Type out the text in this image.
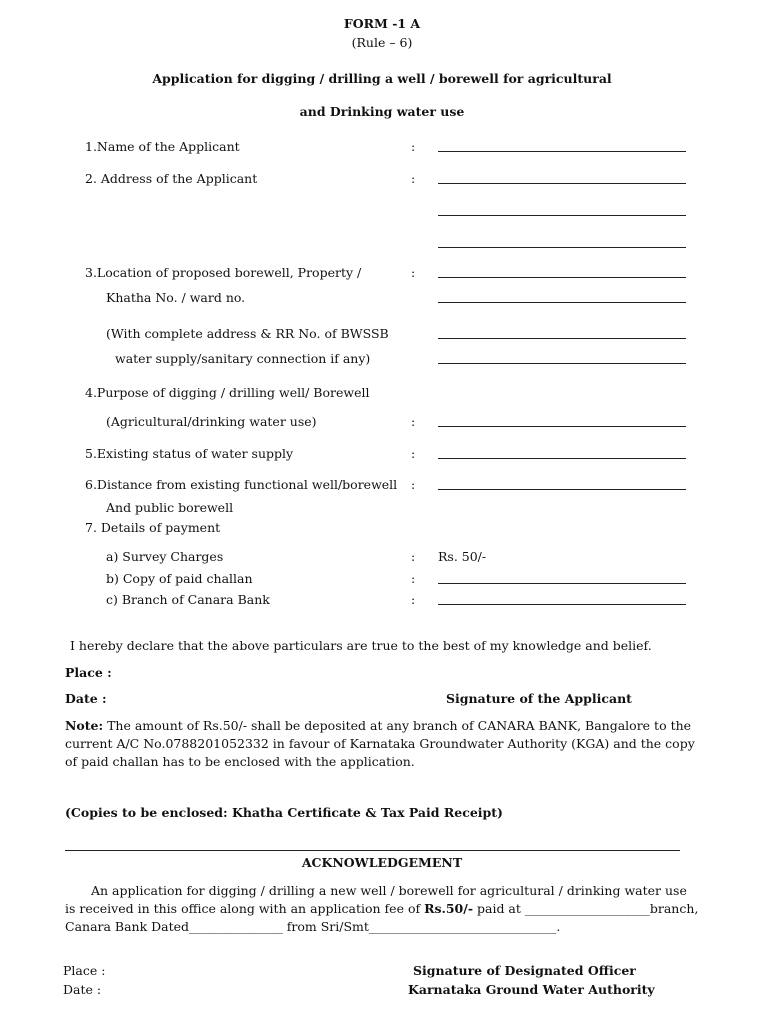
FORM -1 A
(Rule – 6)
Application for digging / drilling a well / borewell for agricultural
and Drinking water use
1.Name of the Applicant	:
2. Address of the Applicant	:
3.Location of proposed borewell, Property /	:
Khatha No. / ward no.
(With complete address & RR No. of BWSSB
water supply/sanitary connection if any)
4.Purpose of digging / drilling well/ Borewell
(Agricultural/drinking water use)	:
5.Existing status of water supply	:
6.Distance from existing functional well/borewell :
And public borewell
7. Details of payment
a) Survey Charges	: Rs. 50/-
b) Copy of paid challan	:
c) Branch of Canara Bank	:
I hereby declare that the above particulars are true to the best of my knowledge and belief.
Place :
Date :	Signature of the Applicant
Note: The amount of Rs.50/- shall be deposited at any branch of CANARA BANK, Bangalore to the current A/C No.0788201052332 in favour of Karnataka Groundwater Authority (KGA) and the copy of paid challan has to be enclosed with the application.
(Copies to be enclosed: Khatha Certificate & Tax Paid Receipt)
ACKNOWLEDGEMENT
An application for digging / drilling a new well / borewell for agricultural / drinking water use
is received in this office along with an application fee of Rs.50/- paid at ____________________branch,
Canara Bank Dated_______________ from Sri/Smt______________________________.
Place :
Date :
Signature of Designated Officer
Karnataka Ground Water Authority
